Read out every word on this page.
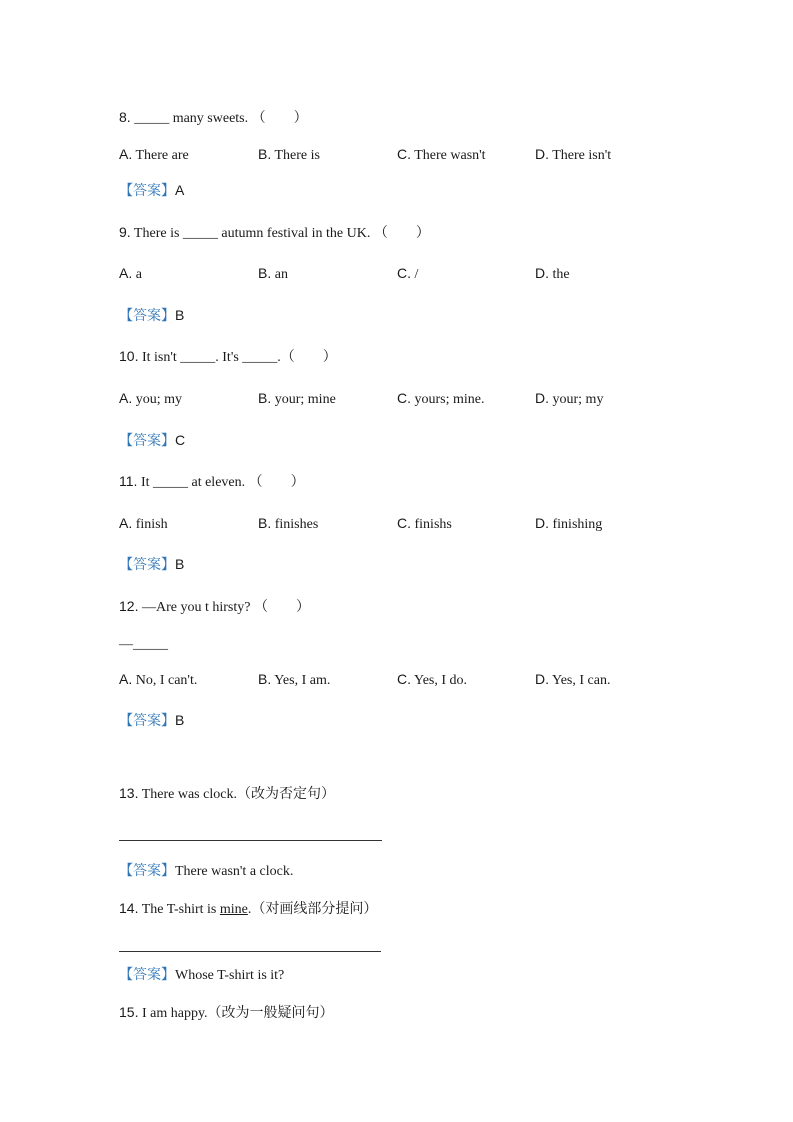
8. _____ many sweets. （　　）
A. There are	B. There is	C. There wasn't	D. There isn't
【答案】A
9. There is _____ autumn festival in the UK. （　　）
A. a	B. an	C. /	D. the
【答案】B
10. It isn't _____. It's _____.（　　）
A. you; my	B. your; mine	C. yours; mine.	D. your; my
【答案】C
11. It _____ at eleven. （　　）
A. finish	B. finishes	C. finishs	D. finishing
【答案】B
12. —Are you t hirsty? （　　）
—_____
A. No, I can't.	B. Yes, I am.	C. Yes, I do.	D. Yes, I can.
【答案】B
13. There was clock.（改为否定句）
【答案】There wasn't a clock.
14. The T-shirt is mine.（对画线部分提问）
【答案】Whose T-shirt is it?
15. I am happy.（改为一般疑问句）
